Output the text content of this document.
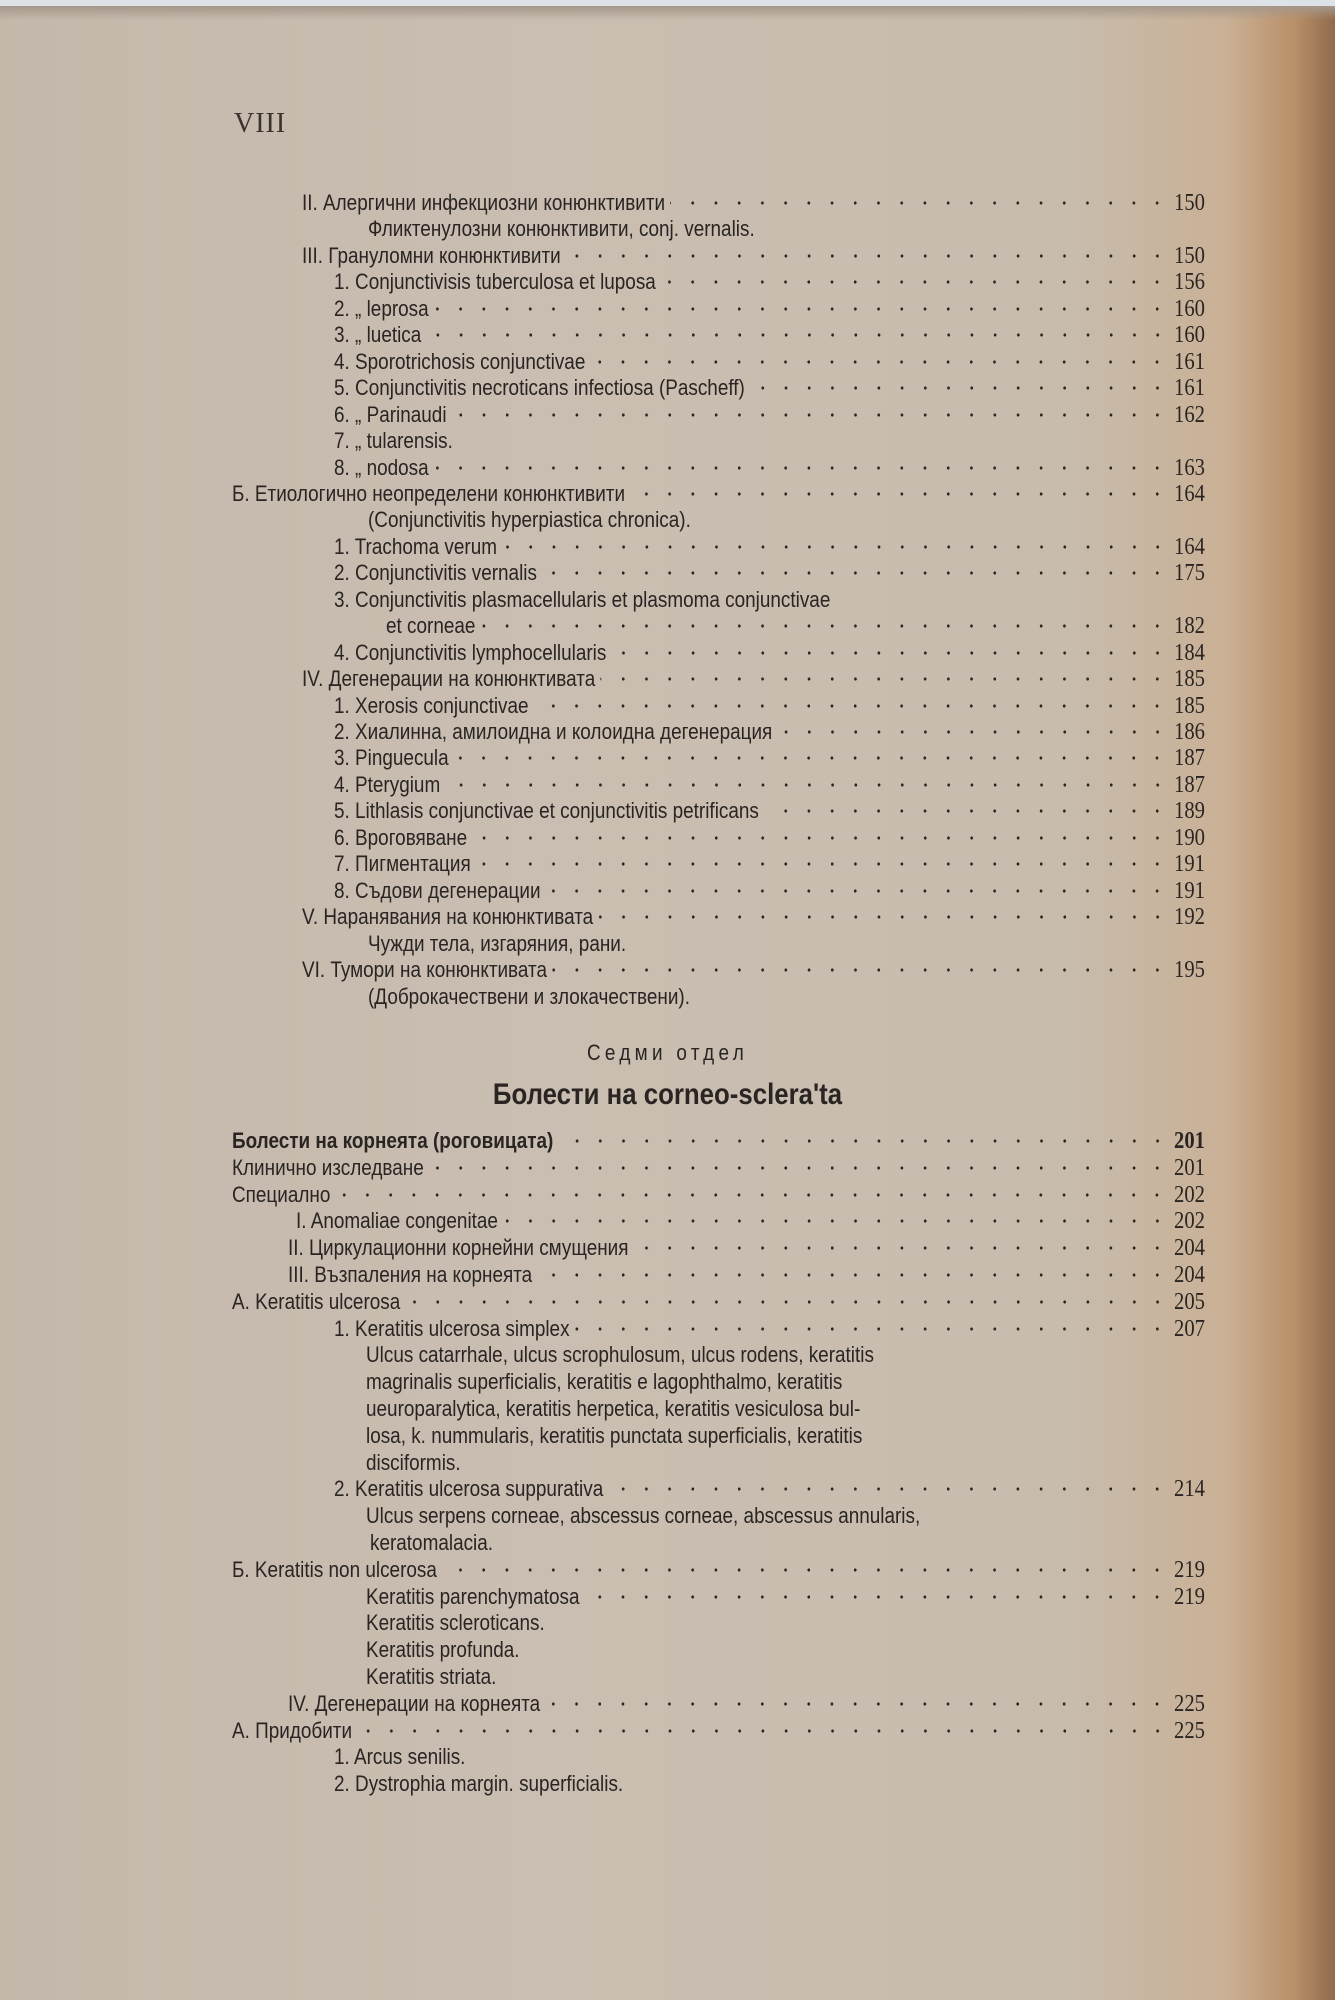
VIII
II. Алергични инфекциозни конюнктивити	150
Фликтенулозни конюнктивити, conj. vernalis.
III. Грануломни конюнктивити	150
1. Conjunctivisis tuberculosa et luposa	156
2. „ leprosa	160
3. „ luetica	160
4. Sporotrichosis conjunctivae	161
5. Conjunctivitis necroticans infectiosa (Pascheff)	161
6. „ Parinaudi	162
7. „ tularensis.
8. „ nodosa	163
Б. Етиологично неопределени конюнктивити	164
(Conjunctivitis hyperpiastica chronica).
1. Trachoma verum	164
2. Conjunctivitis vernalis	175
3. Conjunctivitis plasmacellularis et plasmoma conjunctivae
et corneae	182
4. Conjunctivitis lymphocellularis	184
IV. Дегенерации на конюнктивата	185
1. Xerosis conjunctivae	185
2. Хиалинна, амилоидна и колоидна дегенерация	186
3. Pinguecula	187
4. Pterygium	187
5. Lithlasis conjunctivae et conjunctivitis petrificans	189
6. Вроговяване	190
7. Пигментация	191
8. Съдови дегенерации	191
V. Наранявания на конюнктивата	192
Чужди тела, изгаряния, рани.
VI. Тумори на конюнктивата	195
(Доброкачествени и злокачествени).
Болести на корнеята (роговицата)	201
Клинично изследване	201
Специално	202
I. Anomaliae congenitae	202
II. Циркулационни корнейни смущения	204
III. Възпаления на корнеята	204
А. Keratitis ulcerosa	205
1. Keratitis ulcerosa simplex	207
Ulcus catarrhale, ulcus scrophulosum, ulcus rodens, keratitis
magrinalis superficialis, keratitis e lagophthalmo, keratitis
ueuroparalytica, keratitis herpetica, keratitis vesiculosa bul-
losa, k. nummularis, keratitis punctata superficialis, keratitis
disciformis.
2. Keratitis ulcerosa suppurativa	214
Ulcus serpens corneae, abscessus corneae, abscessus annularis,
keratomalacia.
Б. Keratitis non ulcerosa	219
Keratitis parenchymatosa	219
Keratitis scleroticans.
Keratitis profunda.
Keratitis striata.
IV. Дегенерации на корнеята	225
А. Придобити	225
1. Arcus senilis.
2. Dystrophia margin. superficialis.
Седми отдел
Болести на corneo-sclera'ta
